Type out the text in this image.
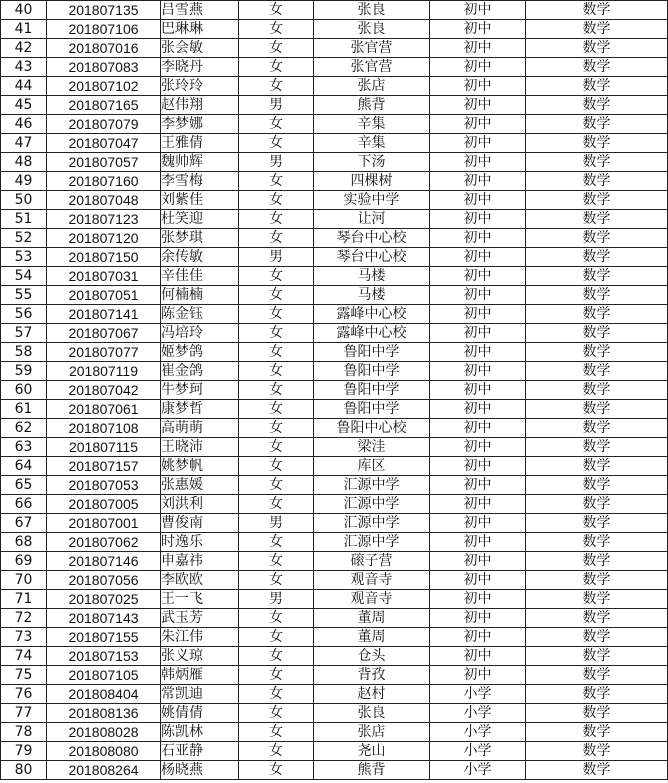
40	201807135	吕雪燕	女	张良	初中	数学
41	201807106	巴琳琳	女	张良	初中	数学
42	201807016	张会敏	女	张官营	初中	数学
43	201807083	李晓丹	女	张官营	初中	数学
44	201807102	张玲玲	女	张店	初中	数学
45	201807165	赵伟翔	男	熊背	初中	数学
46	201807079	李梦娜	女	辛集	初中	数学
47	201807047	王雅倩	女	辛集	初中	数学
48	201807057	魏帅辉	男	下汤	初中	数学
49	201807160	李雪梅	女	四棵树	初中	数学
50	201807048	刘紫佳	女	实验中学	初中	数学
51	201807123	杜笑迎	女	让河	初中	数学
52	201807120	张梦琪	女	琴台中心校	初中	数学
53	201807150	余传敏	男	琴台中心校	初中	数学
54	201807031	辛佳佳	女	马楼	初中	数学
55	201807051	何楠楠	女	马楼	初中	数学
56	201807141	陈金钰	女	露峰中心校	初中	数学
57	201807067	冯培玲	女	露峰中心校	初中	数学
58	201807077	姬梦鸽	女	鲁阳中学	初中	数学
59	201807119	崔金鸽	女	鲁阳中学	初中	数学
60	201807042	牛梦珂	女	鲁阳中学	初中	数学
61	201807061	康梦哲	女	鲁阳中学	初中	数学
62	201807108	高萌萌	女	鲁阳中心校	初中	数学
63	201807115	王晓沛	女	梁洼	初中	数学
64	201807157	姚梦帆	女	库区	初中	数学
65	201807053	张惠媛	女	汇源中学	初中	数学
66	201807005	刘洪利	女	汇源中学	初中	数学
67	201807001	曹俊南	男	汇源中学	初中	数学
68	201807062	时逸乐	女	汇源中学	初中	数学
69	201807146	申嘉祎	女	磙子营	初中	数学
70	201807056	李欧欧	女	观音寺	初中	数学
71	201807025	王一飞	男	观音寺	初中	数学
72	201807143	武玉芳	女	董周	初中	数学
73	201807155	朱江伟	女	董周	初中	数学
74	201807153	张义琼	女	仓头	初中	数学
75	201807105	韩炳雁	女	背孜	初中	数学
76	201808404	常凯迪	女	赵村	小学	数学
77	201808136	姚倩倩	女	张良	小学	数学
78	201808028	陈凯林	女	张店	小学	数学
79	201808080	石亚静	女	尧山	小学	数学
80	201808264	杨晓燕	女	熊背	小学	数学
